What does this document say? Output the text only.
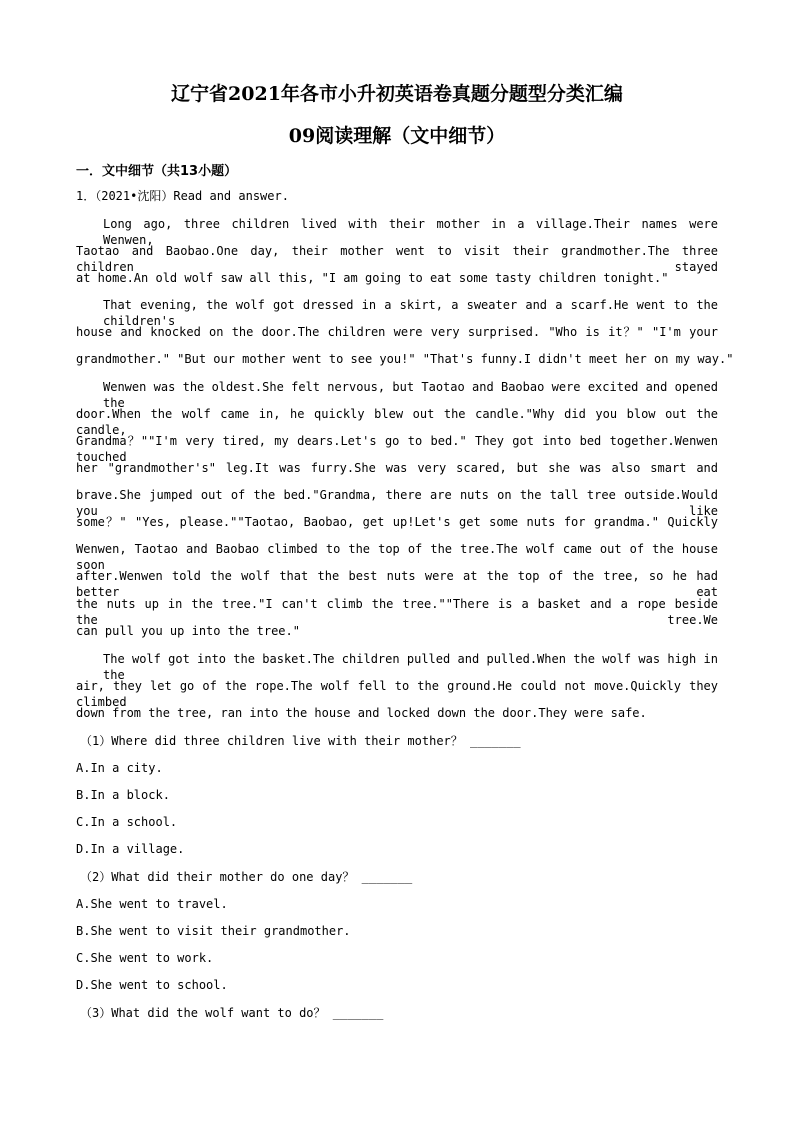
辽宁省2021年各市小升初英语卷真题分题型分类汇编
09阅读理解（文中细节）
一．文中细节（共13小题）
1．（2021•沈阳）Read and answer.
Long ago, three children lived with their mother in a village.Their names were Wenwen,
Taotao and Baobao.One day, their mother went to visit their grandmother.The three children stayed
at home.An old wolf saw all this, "I am going to eat some tasty children tonight."
That evening, the wolf got dressed in a skirt, a sweater and a scarf.He went to the children's
house and knocked on the door.The children were very surprised. "Who is it？" "I'm your
grandmother." "But our mother went to see you!" "That's funny.I didn't meet her on my way."
Wenwen was the oldest.She felt nervous, but Taotao and Baobao were excited and opened the
door.When the wolf came in, he quickly blew out the candle."Why did you blow out the candle,
Grandma？""I'm very tired, my dears.Let's go to bed." They got into bed together.Wenwen touched
her "grandmother's" leg.It was furry.She was very scared, but she was also smart and
brave.She jumped out of the bed."Grandma, there are nuts on the tall tree outside.Would you like
some？" "Yes, please.""Taotao, Baobao, get up!Let's get some nuts for grandma." Quickly
Wenwen, Taotao and Baobao climbed to the top of the tree.The wolf came out of the house soon
after.Wenwen told the wolf that the best nuts were at the top of the tree, so he had better eat
the nuts up in the tree."I can't climb the tree.""There is a basket and a rope beside the tree.We
can pull you up into the tree."
The wolf got into the basket.The children pulled and pulled.When the wolf was high in the
air, they let go of the rope.The wolf fell to the ground.He could not move.Quickly they climbed
down from the tree, ran into the house and locked down the door.They were safe.
（1）Where did three children live with their mother？ _______
A.In a city.
B.In a block.
C.In a school.
D.In a village.
（2）What did their mother do one day？ _______
A.She went to travel.
B.She went to visit their grandmother.
C.She went to work.
D.She went to school.
（3）What did the wolf want to do？ _______
